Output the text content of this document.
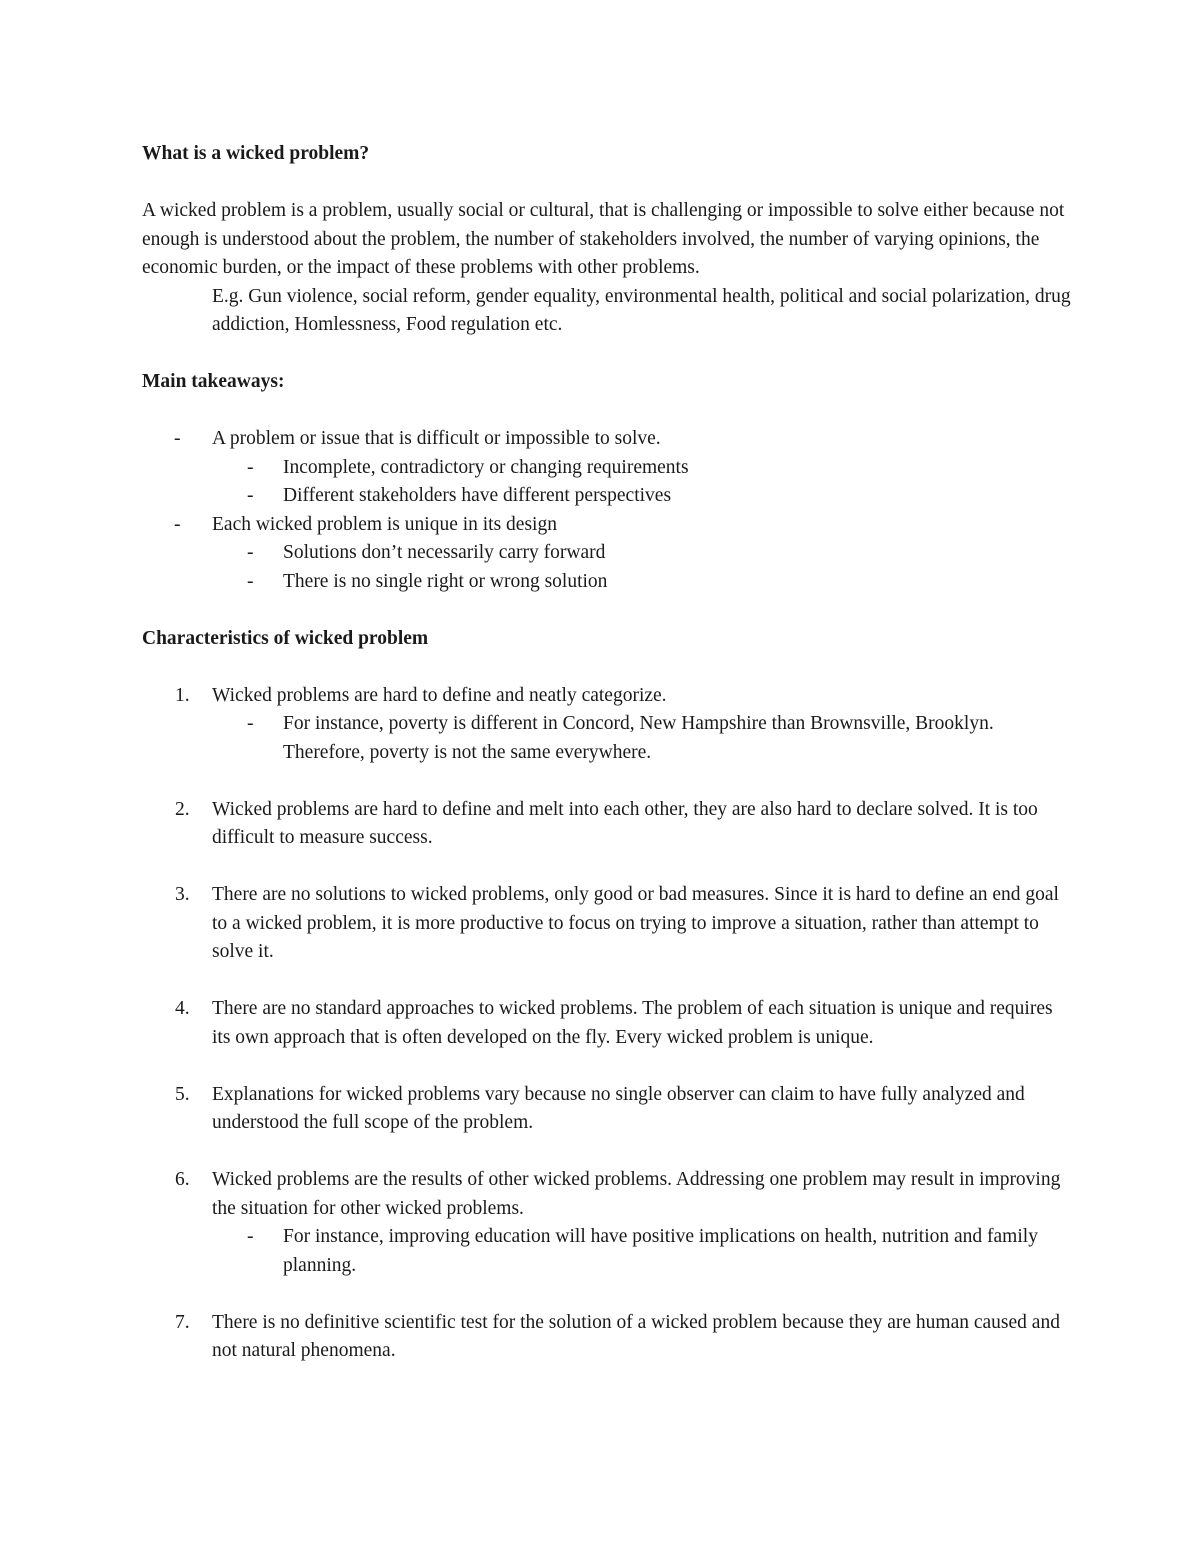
What is a wicked problem?

A wicked problem is a problem, usually social or cultural, that is challenging or impossible to solve either because not enough is understood about the problem, the number of stakeholders involved, the number of varying opinions, the economic burden, or the impact of these problems with other problems.

E.g. Gun violence, social reform, gender equality, environmental health, political and social polarization, drug addiction, Homlessness, Food regulation etc.

Main takeaways:

-	A problem or issue that is difficult or impossible to solve.
-	Incomplete, contradictory or changing requirements
-	Different stakeholders have different perspectives
-	Each wicked problem is unique in its design
-	Solutions don’t necessarily carry forward
-	There is no single right or wrong solution

Characteristics of wicked problem

1. Wicked problems are hard to define and neatly categorize.
-	For instance, poverty is different in Concord, New Hampshire than Brownsville, Brooklyn. Therefore, poverty is not the same everywhere.
2. Wicked problems are hard to define and melt into each other, they are also hard to declare solved. It is too difficult to measure success.
3. There are no solutions to wicked problems, only good or bad measures. Since it is hard to define an end goal to a wicked problem, it is more productive to focus on trying to improve a situation, rather than attempt to solve it.
4. There are no standard approaches to wicked problems. The problem of each situation is unique and requires its own approach that is often developed on the fly. Every wicked problem is unique.
5. Explanations for wicked problems vary because no single observer can claim to have fully analyzed and understood the full scope of the problem.
6. Wicked problems are the results of other wicked problems. Addressing one problem may result in improving the situation for other wicked problems.
-	For instance, improving education will have positive implications on health, nutrition and family planning.
7. There is no definitive scientific test for the solution of a wicked problem because they are human caused and not natural phenomena.
